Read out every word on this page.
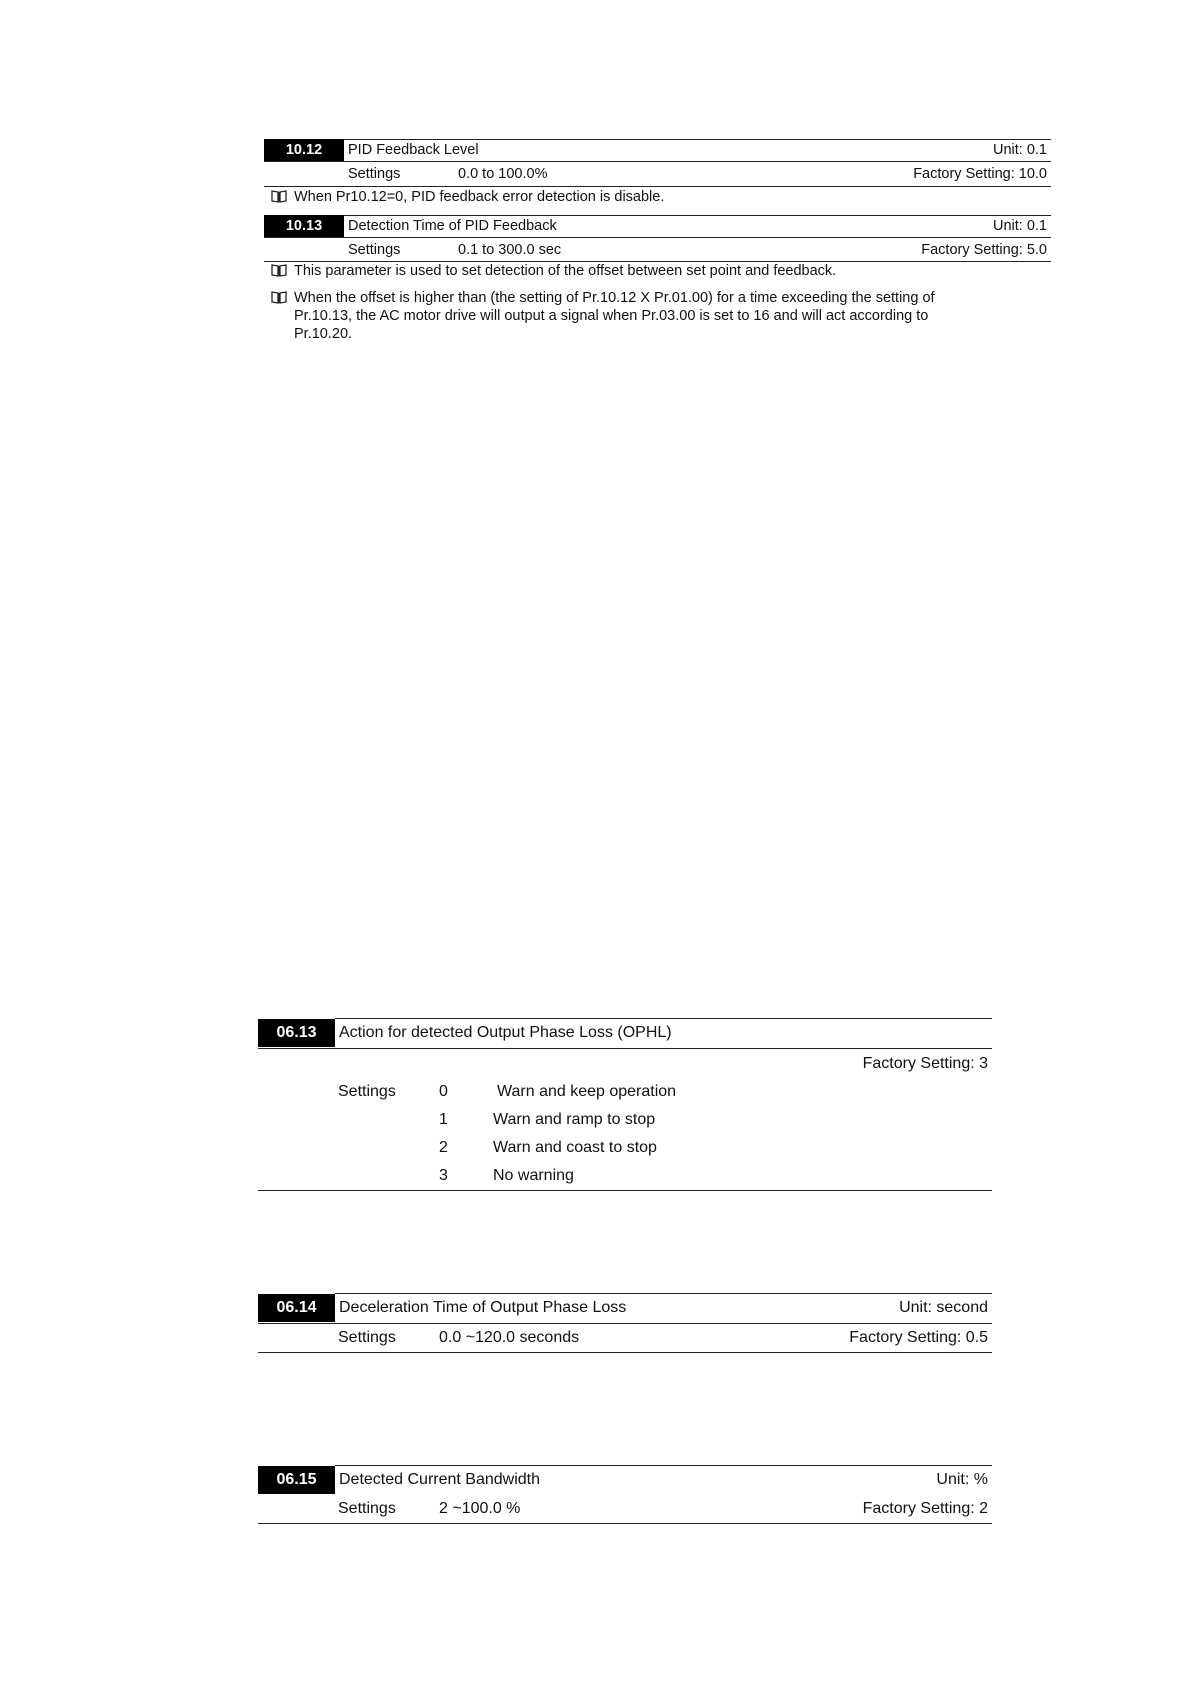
10.12	PID Feedback Level	Unit: 0.1
Settings	0.0 to 100.0%	Factory Setting: 10.0
When Pr10.12=0, PID feedback error detection is disable.
10.13	Detection Time of PID Feedback	Unit: 0.1
Settings	0.1 to 300.0 sec	Factory Setting: 5.0
This parameter is used to set detection of the offset between set point and feedback.
When the offset is higher than (the setting of Pr.10.12 X Pr.01.00) for a time exceeding the setting of Pr.10.13, the AC motor drive will output a signal when Pr.03.00 is set to 16 and will act according to Pr.10.20.
06.13	Action for detected Output Phase Loss (OPHL)
Factory Setting: 3
Settings	0	Warn and keep operation
1	Warn and ramp to stop
2	Warn and coast to stop
3	No warning
06.14	Deceleration Time of Output Phase Loss	Unit: second
Settings	0.0 ~120.0 seconds	Factory Setting: 0.5
06.15	Detected Current Bandwidth	Unit: %
Settings	2 ~100.0 %	Factory Setting: 2
